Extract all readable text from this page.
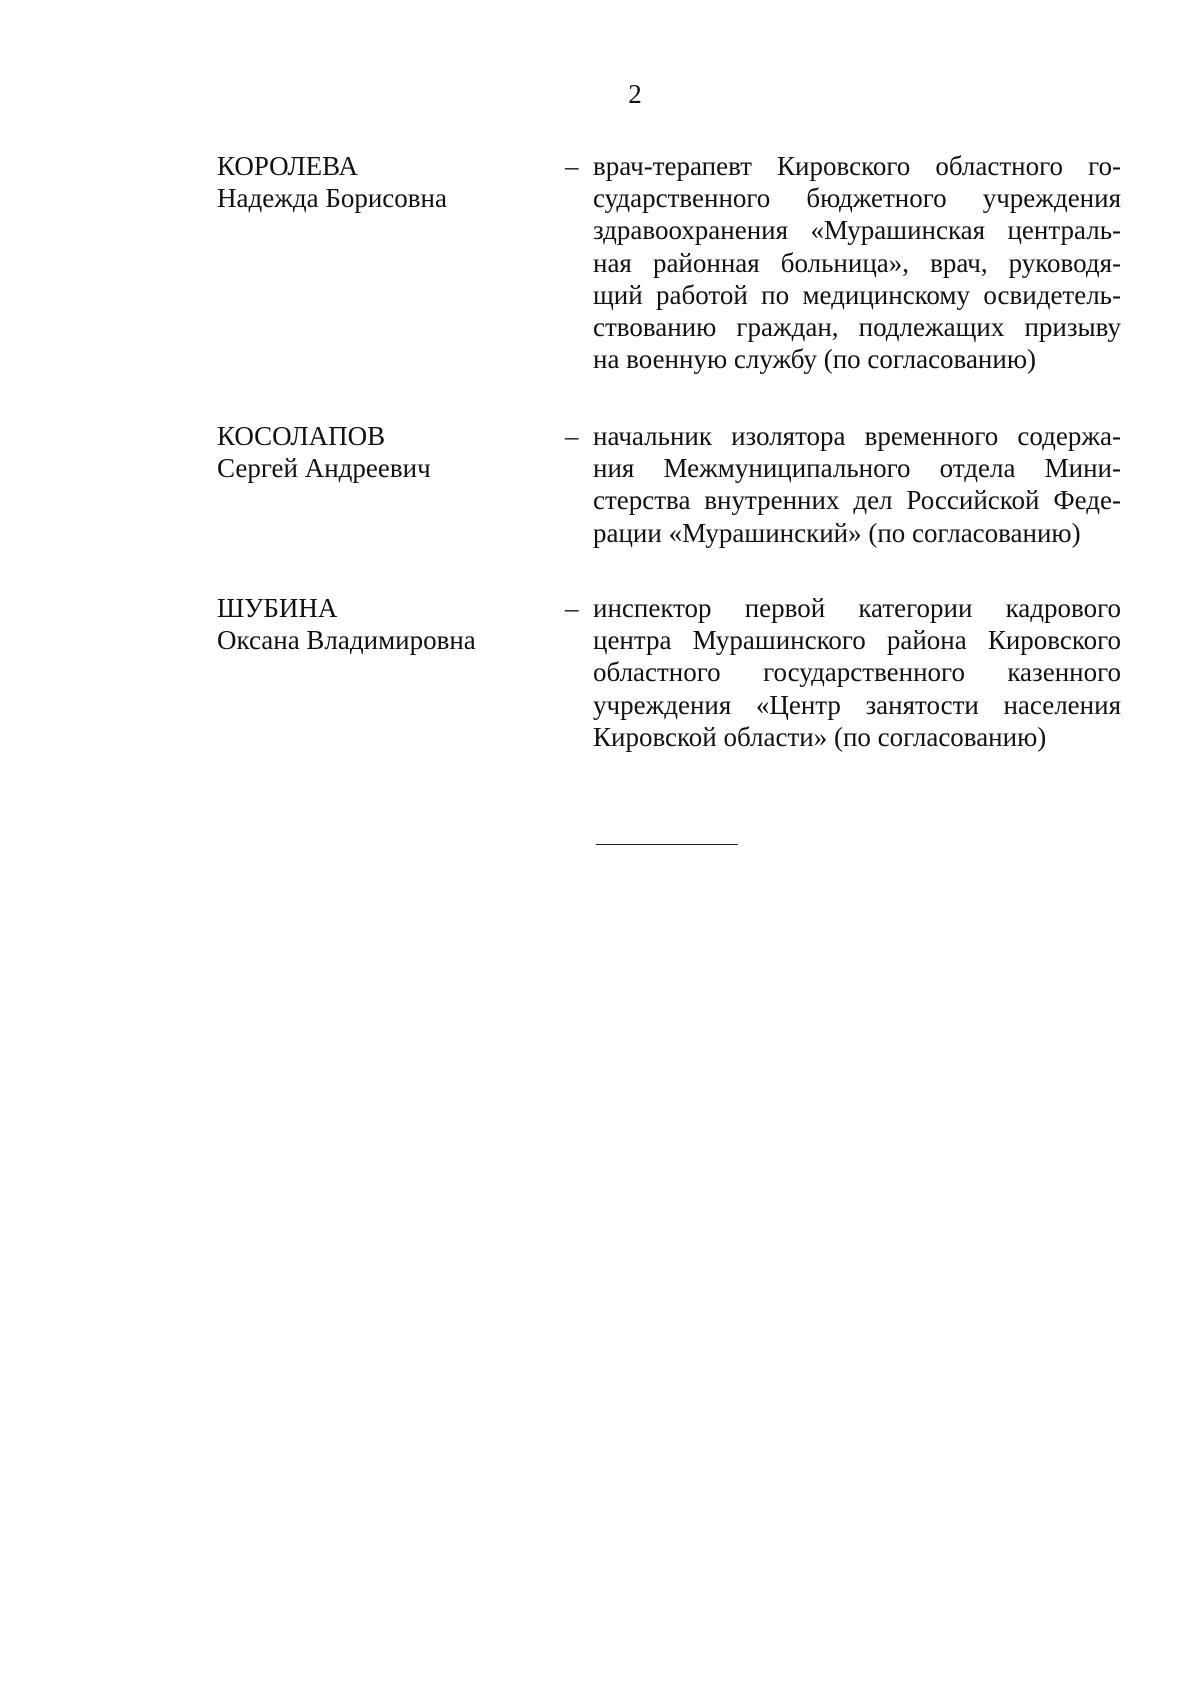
2
КОРОЛЕВА
Надежда Борисовна
– врач-терапевт Кировского областного го-
сударственного бюджетного учреждения
здравоохранения «Мурашинская централь-
ная районная больница», врач, руководя-
щий работой по медицинскому освидетель-
ствованию граждан, подлежащих призыву
на военную службу (по согласованию)
КОСОЛАПОВ
Сергей Андреевич
– начальник изолятора временного содержа-
ния Межмуниципального отдела Мини-
стерства внутренних дел Российской Феде-
рации «Мурашинский» (по согласованию)
ШУБИНА
Оксана Владимировна
– инспектор первой категории кадрового
центра Мурашинского района Кировского
областного государственного казенного
учреждения «Центр занятости населения
Кировской области» (по согласованию)
